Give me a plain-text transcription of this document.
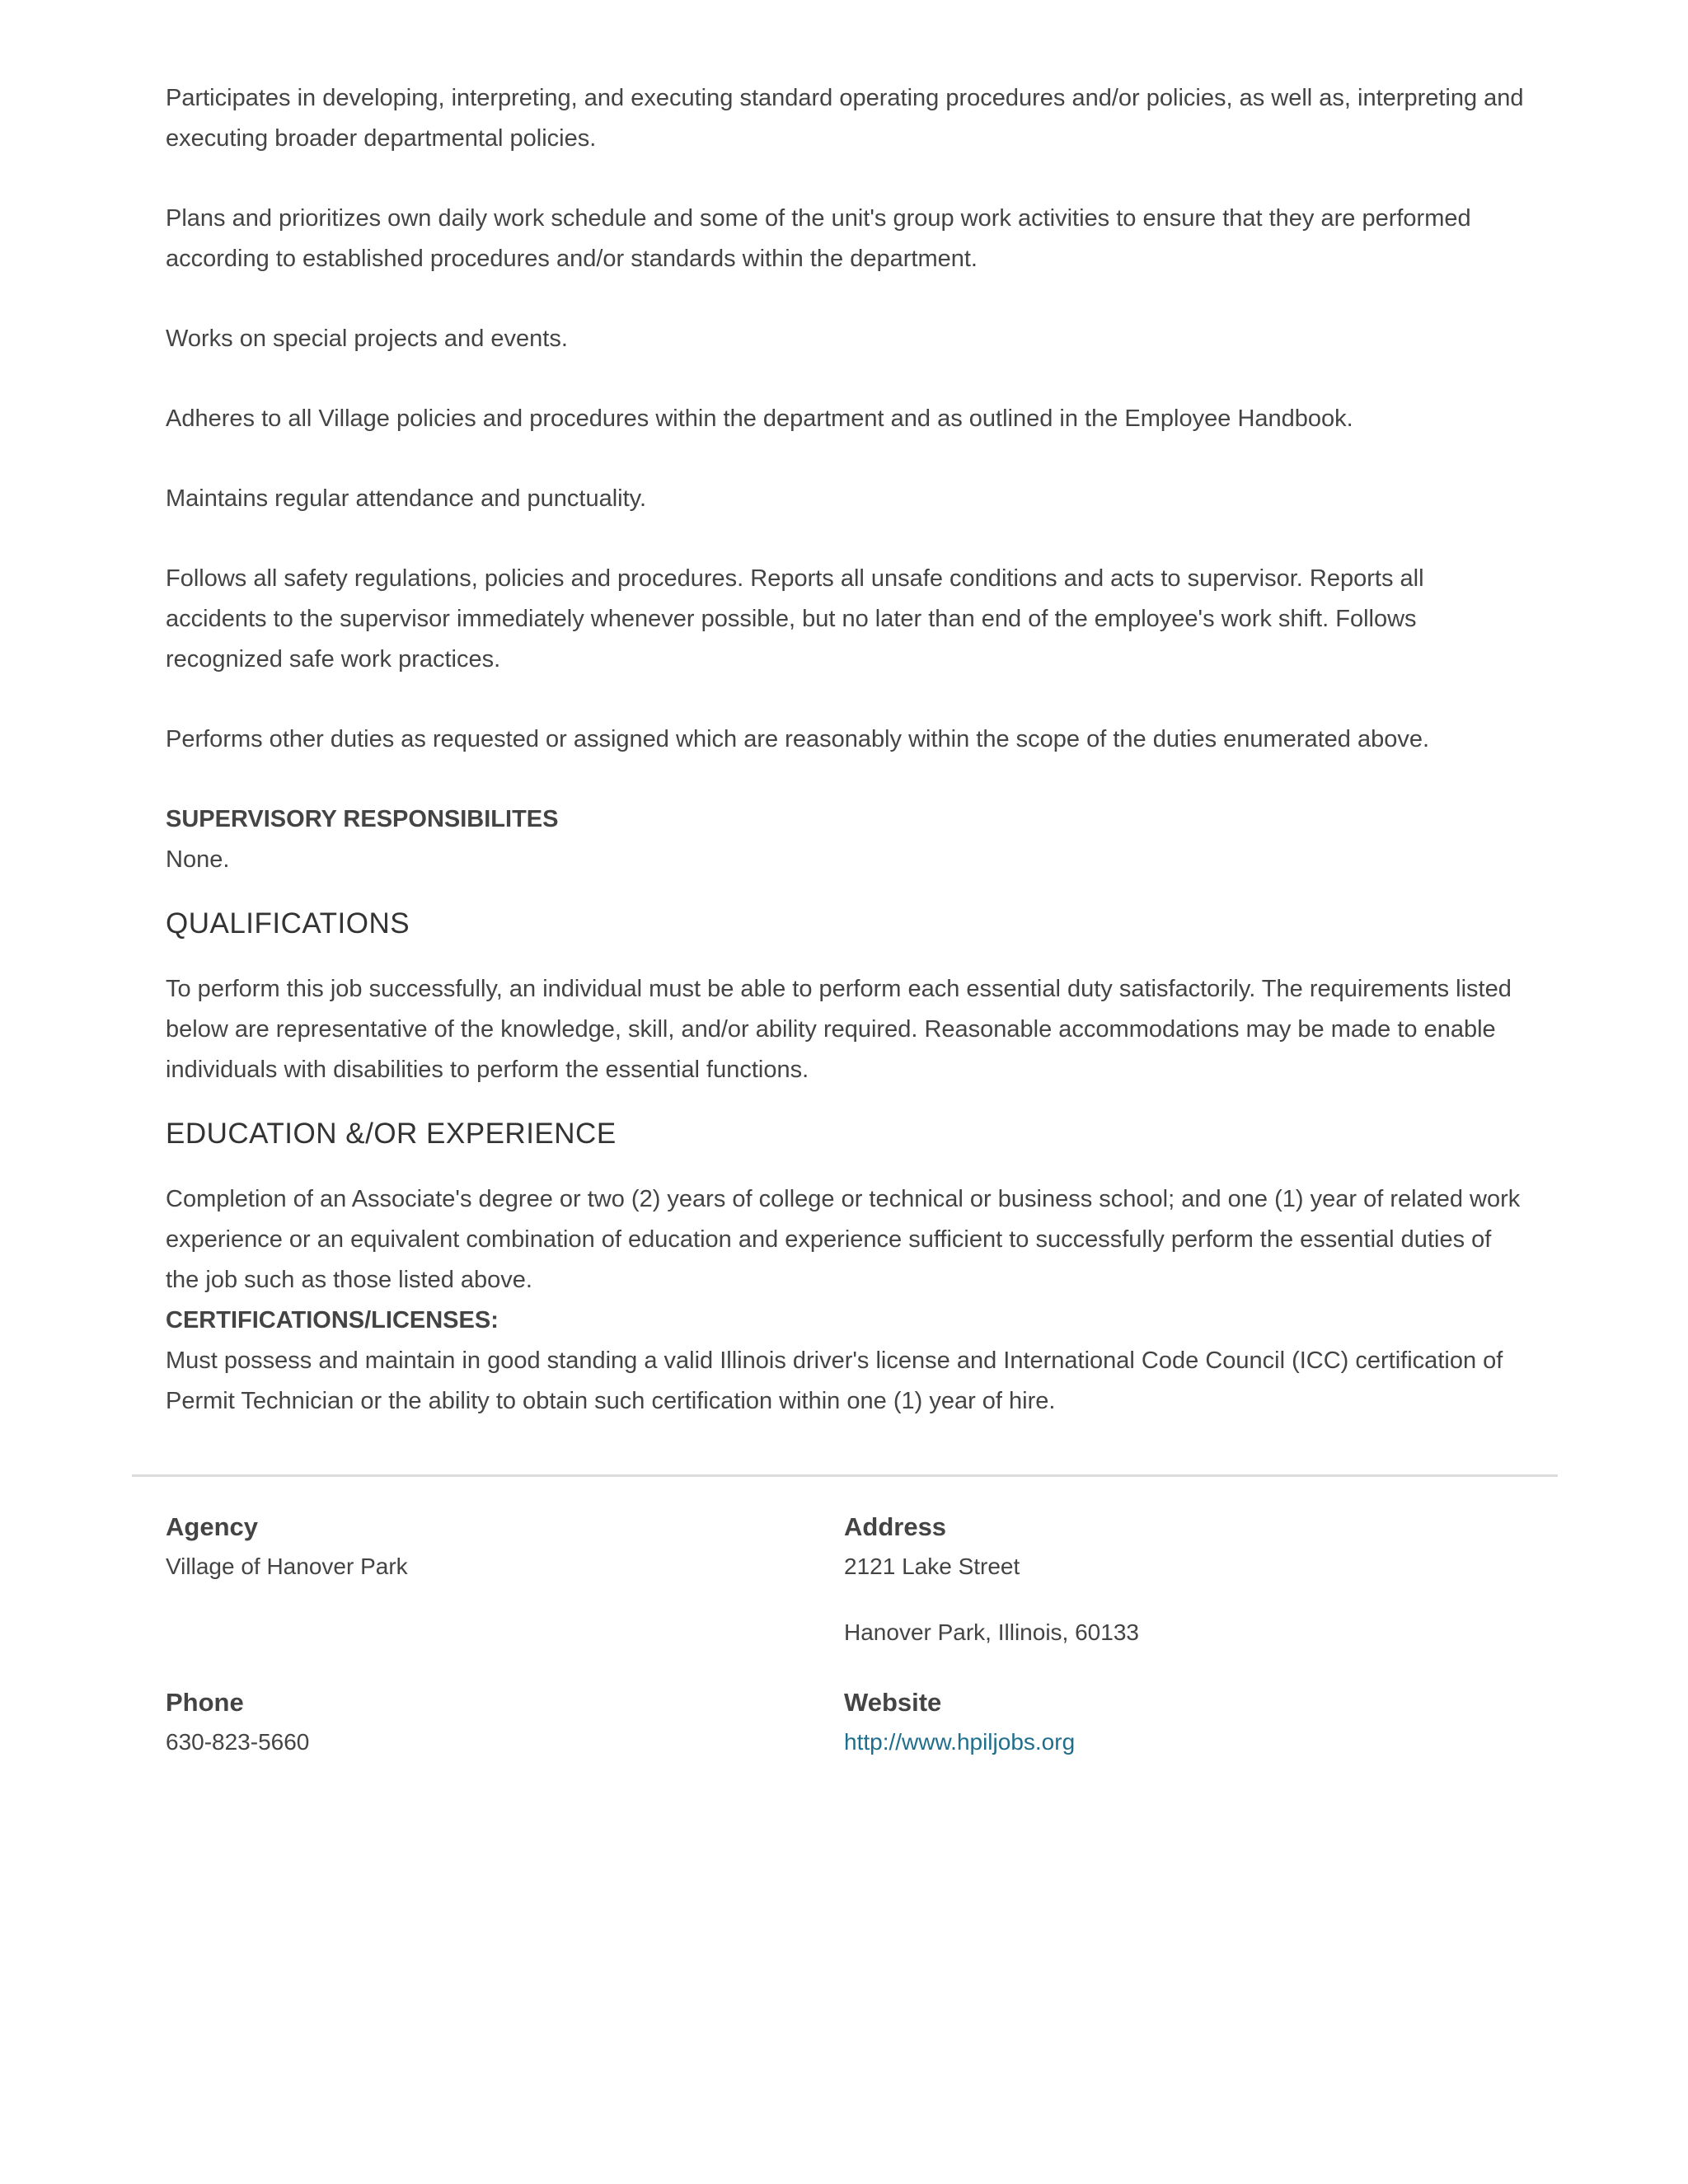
Participates in developing, interpreting, and executing standard operating procedures and/or policies, as well as, interpreting and executing broader departmental policies.

Plans and prioritizes own daily work schedule and some of the unit's group work activities to ensure that they are performed according to established procedures and/or standards within the department.

Works on special projects and events.

Adheres to all Village policies and procedures within the department and as outlined in the Employee Handbook.

Maintains regular attendance and punctuality.

Follows all safety regulations, policies and procedures. Reports all unsafe conditions and acts to supervisor. Reports all accidents to the supervisor immediately whenever possible, but no later than end of the employee's work shift. Follows recognized safe work practices.

Performs other duties as requested or assigned which are reasonably within the scope of the duties enumerated above.

SUPERVISORY RESPONSIBILITES

None.

QUALIFICATIONS

To perform this job successfully, an individual must be able to perform each essential duty satisfactorily. The requirements listed below are representative of the knowledge, skill, and/or ability required. Reasonable accommodations may be made to enable individuals with disabilities to perform the essential functions.

EDUCATION &/OR EXPERIENCE

Completion of an Associate's degree or two (2) years of college or technical or business school; and one (1) year of related work experience or an equivalent combination of education and experience sufficient to successfully perform the essential duties of the job such as those listed above.

CERTIFICATIONS/LICENSES:

Must possess and maintain in good standing a valid Illinois driver's license and International Code Council (ICC) certification of Permit Technician or the ability to obtain such certification within one (1) year of hire.

Agency

Village of Hanover Park

Address

2121 Lake Street

Hanover Park, Illinois, 60133

Phone

630-823-5660

Website

http://www.hpiljobs.org
